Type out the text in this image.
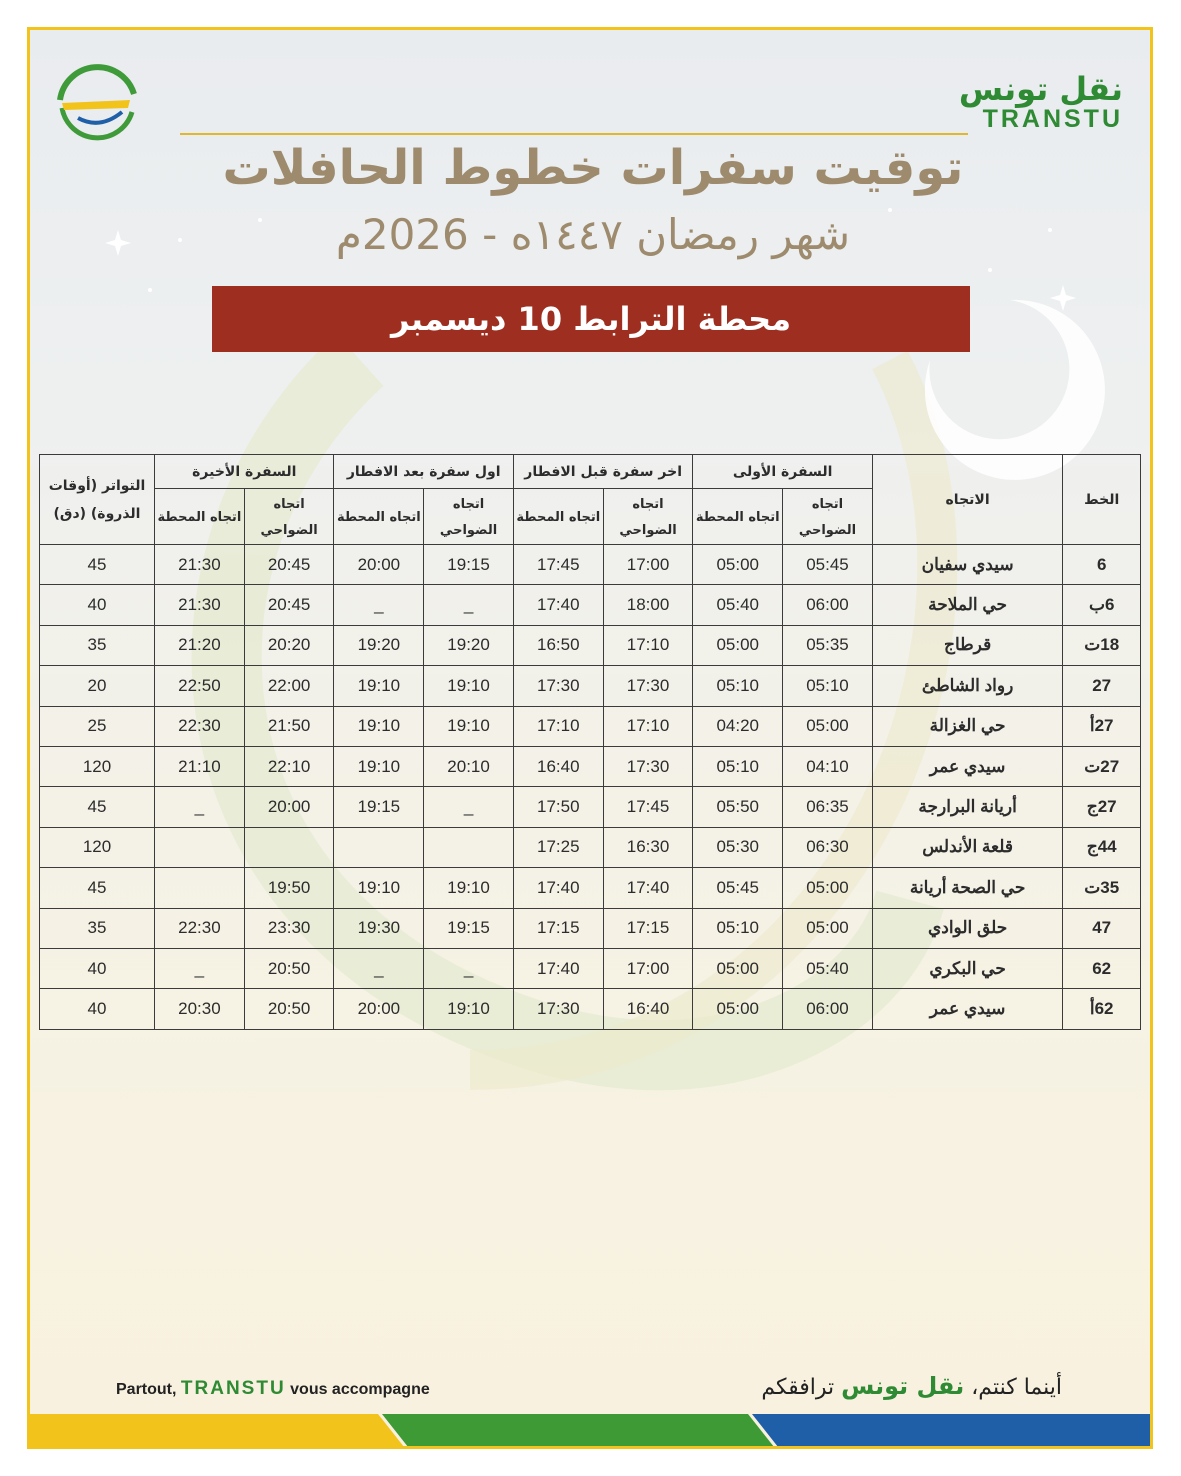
نقل تونس
TRANSTU
توقيت سفرات خطوط الحافلات
شهر رمضان ١٤٤٧ه - 2026م
محطة الترابط 10 ديسمبر
الخط	الاتجاه	السفرة الأولى		اخر سفرة قبل الافطار		اول سفرة بعد الافطار		السفرة الأخيرة		التواتر (أوقات الذروة) (دق)
		اتجاه الضواحي	اتجاه المحطة	اتجاه الضواحي	اتجاه المحطة	اتجاه الضواحي	اتجاه المحطة	اتجاه الضواحي	اتجاه المحطة	
6	سيدي سفيان	05:45	05:00	17:00	17:45	19:15	20:00	20:45	21:30	45
6ب	حي الملاحة	06:00	05:40	18:00	17:40	_	_	20:45	21:30	40
18ت	قرطاج	05:35	05:00	17:10	16:50	19:20	19:20	20:20	21:20	35
27	رواد الشاطئ	05:10	05:10	17:30	17:30	19:10	19:10	22:00	22:50	20
27أ	حي الغزالة	05:00	04:20	17:10	17:10	19:10	19:10	21:50	22:30	25
27ت	سيدي عمر	04:10	05:10	17:30	16:40	20:10	19:10	22:10	21:10	120
27ج	أريانة البرارجة	06:35	05:50	17:45	17:50	_	19:15	20:00	_	45
44ج	قلعة الأندلس	06:30	05:30	16:30	17:25					120
35ت	حي الصحة أريانة	05:00	05:45	17:40	17:40	19:10	19:10	19:50		45
47	حلق الوادي	05:00	05:10	17:15	17:15	19:15	19:30	23:30	22:30	35
62	حي البكري	05:40	05:00	17:00	17:40	_	_	20:50	_	40
62أ	سيدي عمر	06:00	05:00	16:40	17:30	19:10	20:00	20:50	20:30	40
Partout, TRANSTU vous accompagne	أينما كنتم، نقل تونس ترافقكم
